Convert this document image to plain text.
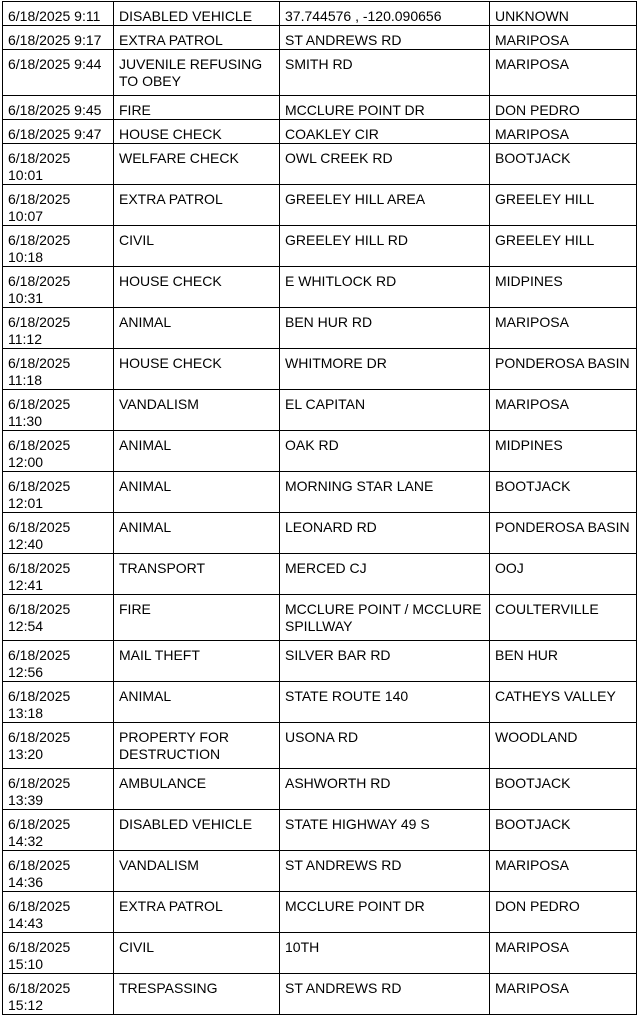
6/18/2025 9:11	DISABLED VEHICLE	37.744576 , -120.090656	UNKNOWN
6/18/2025 9:17	EXTRA PATROL	ST ANDREWS RD	MARIPOSA
6/18/2025 9:44	JUVENILE REFUSING TO OBEY	SMITH RD	MARIPOSA
6/18/2025 9:45	FIRE	MCCLURE POINT DR	DON PEDRO
6/18/2025 9:47	HOUSE CHECK	COAKLEY CIR	MARIPOSA
6/18/2025 10:01	WELFARE CHECK	OWL CREEK RD	BOOTJACK
6/18/2025 10:07	EXTRA PATROL	GREELEY HILL AREA	GREELEY HILL
6/18/2025 10:18	CIVIL	GREELEY HILL RD	GREELEY HILL
6/18/2025 10:31	HOUSE CHECK	E WHITLOCK RD	MIDPINES
6/18/2025 11:12	ANIMAL	BEN HUR RD	MARIPOSA
6/18/2025 11:18	HOUSE CHECK	WHITMORE DR	PONDEROSA BASIN
6/18/2025 11:30	VANDALISM	EL CAPITAN	MARIPOSA
6/18/2025 12:00	ANIMAL	OAK RD	MIDPINES
6/18/2025 12:01	ANIMAL	MORNING STAR LANE	BOOTJACK
6/18/2025 12:40	ANIMAL	LEONARD RD	PONDEROSA BASIN
6/18/2025 12:41	TRANSPORT	MERCED CJ	OOJ
6/18/2025 12:54	FIRE	MCCLURE POINT / MCCLURE SPILLWAY	COULTERVILLE
6/18/2025 12:56	MAIL THEFT	SILVER BAR RD	BEN HUR
6/18/2025 13:18	ANIMAL	STATE ROUTE 140	CATHEYS VALLEY
6/18/2025 13:20	PROPERTY FOR DESTRUCTION	USONA RD	WOODLAND
6/18/2025 13:39	AMBULANCE	ASHWORTH RD	BOOTJACK
6/18/2025 14:32	DISABLED VEHICLE	STATE HIGHWAY 49 S	BOOTJACK
6/18/2025 14:36	VANDALISM	ST ANDREWS RD	MARIPOSA
6/18/2025 14:43	EXTRA PATROL	MCCLURE POINT DR	DON PEDRO
6/18/2025 15:10	CIVIL	10TH	MARIPOSA
6/18/2025 15:12	TRESPASSING	ST ANDREWS RD	MARIPOSA
